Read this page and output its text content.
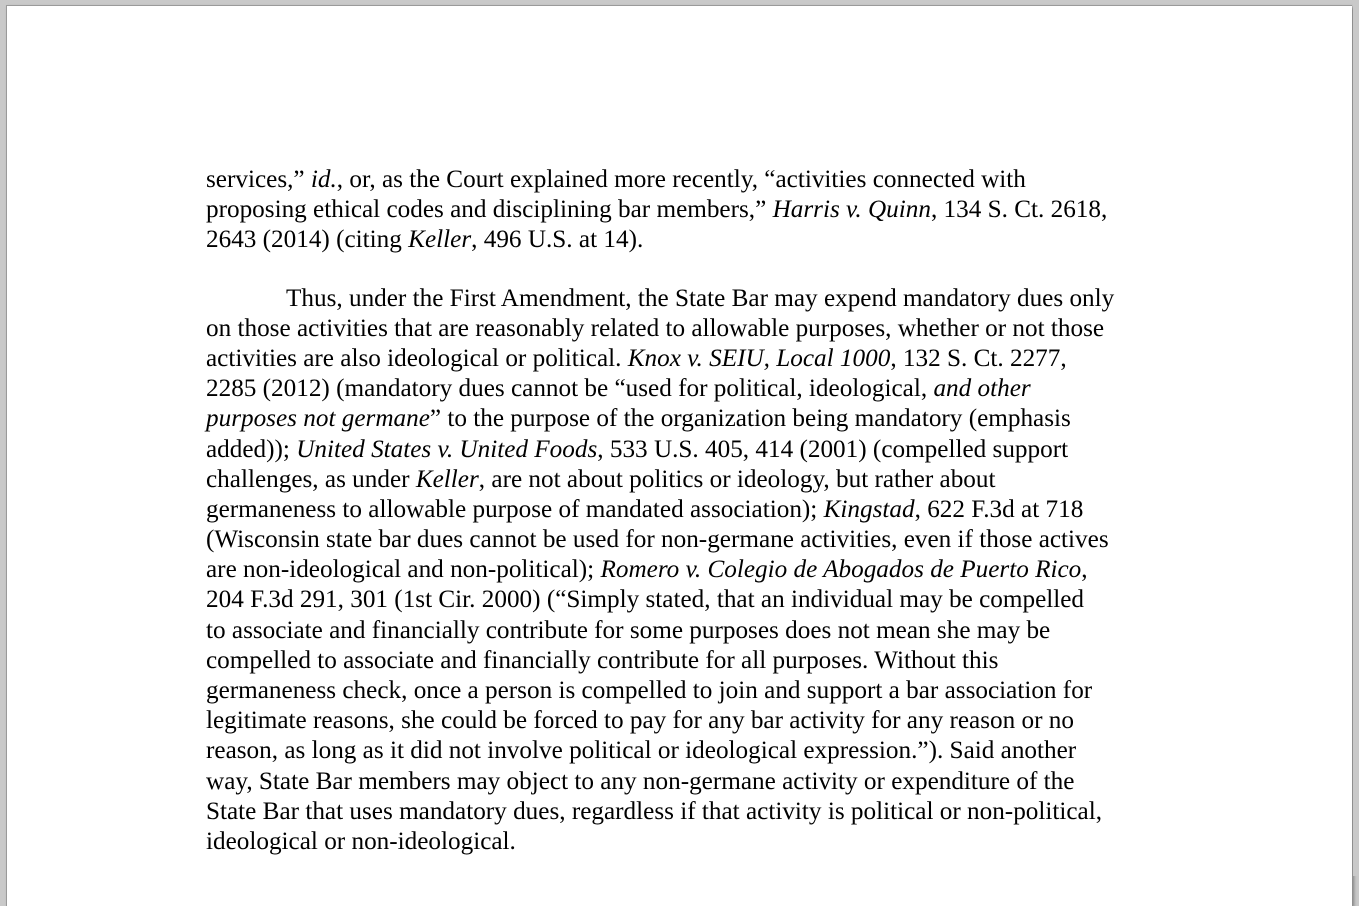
services,” id., or, as the Court explained more recently, “activities connected with
proposing ethical codes and disciplining bar members,” Harris v. Quinn, 134 S. Ct. 2618,
2643 (2014) (citing Keller, 496 U.S. at 14).

Thus, under the First Amendment, the State Bar may expend mandatory dues only
on those activities that are reasonably related to allowable purposes, whether or not those
activities are also ideological or political. Knox v. SEIU, Local 1000, 132 S. Ct. 2277,
2285 (2012) (mandatory dues cannot be “used for political, ideological, and other
purposes not germane” to the purpose of the organization being mandatory (emphasis
added)); United States v. United Foods, 533 U.S. 405, 414 (2001) (compelled support
challenges, as under Keller, are not about politics or ideology, but rather about
germaneness to allowable purpose of mandated association); Kingstad, 622 F.3d at 718
(Wisconsin state bar dues cannot be used for non-germane activities, even if those actives
are non-ideological and non-political); Romero v. Colegio de Abogados de Puerto Rico,
204 F.3d 291, 301 (1st Cir. 2000) (“Simply stated, that an individual may be compelled
to associate and financially contribute for some purposes does not mean she may be
compelled to associate and financially contribute for all purposes. Without this
germaneness check, once a person is compelled to join and support a bar association for
legitimate reasons, she could be forced to pay for any bar activity for any reason or no
reason, as long as it did not involve political or ideological expression.”). Said another
way, State Bar members may object to any non-germane activity or expenditure of the
State Bar that uses mandatory dues, regardless if that activity is political or non-political,
ideological or non-ideological.
